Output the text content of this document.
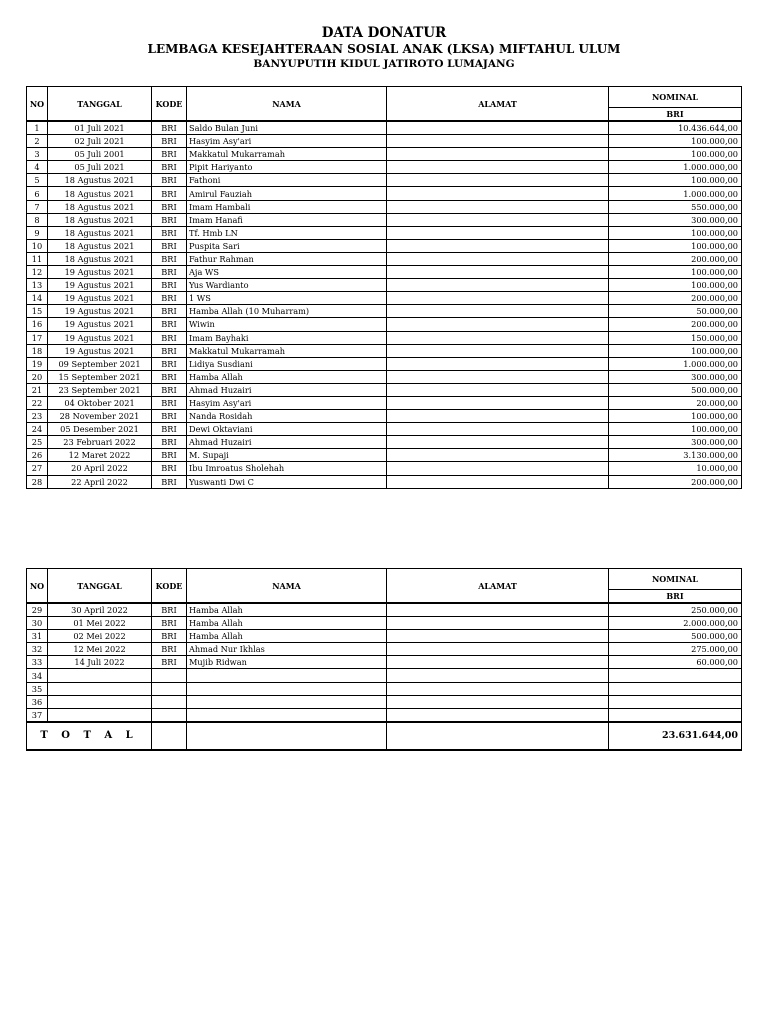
DATA DONATUR
LEMBAGA KESEJAHTERAAN SOSIAL ANAK (LKSA) MIFTAHUL ULUM
BANYUPUTIH KIDUL JATIROTO LUMAJANG
NO	TANGGAL	KODE	NAMA	ALAMAT	NOMINAL
					BRI
1	01 Juli 2021	BRI	Saldo Bulan Juni		10.436.644,00
2	02 Juli 2021	BRI	Hasyim Asy'ari		100.000,00
3	05 Juli 2001	BRI	Makkatul Mukarramah		100.000,00
4	05 Juli 2021	BRI	Pipit Hariyanto		1.000.000,00
5	18 Agustus 2021	BRI	Fathoni		100.000,00
6	18 Agustus 2021	BRI	Amirul Fauziah		1.000.000,00
7	18 Agustus 2021	BRI	Imam Hambali		550.000,00
8	18 Agustus 2021	BRI	Imam Hanafi		300.000,00
9	18 Agustus 2021	BRI	Tf. Hmb LN		100.000,00
10	18 Agustus 2021	BRI	Puspita Sari		100.000,00
11	18 Agustus 2021	BRI	Fathur Rahman		200.000,00
12	19 Agustus 2021	BRI	Aja WS		100.000,00
13	19 Agustus 2021	BRI	Yus Wardianto		100.000,00
14	19 Agustus 2021	BRI	1 WS		200.000,00
15	19 Agustus 2021	BRI	Hamba Allah (10 Muharram)		50.000,00
16	19 Agustus 2021	BRI	Wiwin		200.000,00
17	19 Agustus 2021	BRI	Imam Bayhaki		150.000,00
18	19 Agustus 2021	BRI	Makkatul Mukarramah		100.000,00
19	09 September 2021	BRI	Lidiya Susdiani		1.000.000,00
20	15 September 2021	BRI	Hamba Allah		300.000,00
21	23 September 2021	BRI	Ahmad Huzairi		500.000,00
22	04 Oktober 2021	BRI	Hasyim Asy'ari		20.000,00
23	28 November 2021	BRI	Nanda Rosidah		100.000,00
24	05 Desember 2021	BRI	Dewi Oktaviani		100.000,00
25	23 Februari 2022	BRI	Ahmad Huzairi		300.000,00
26	12 Maret 2022	BRI	M. Supaji		3.130.000,00
27	20 April 2022	BRI	Ibu Imroatus Sholehah		10.000,00
28	22 April 2022	BRI	Yuswanti Dwi C		200.000,00
NO	TANGGAL	KODE	NAMA	ALAMAT	NOMINAL
					BRI
29	30 April 2022	BRI	Hamba Allah		250.000,00
30	01 Mei 2022	BRI	Hamba Allah		2.000.000,00
31	02 Mei 2022	BRI	Hamba Allah		500.000,00
32	12 Mei 2022	BRI	Ahmad Nur Ikhlas		275.000,00
33	14 Juli 2022	BRI	Mujib Ridwan		60.000,00
34					
35					
36					
37					
T O T A L					23.631.644,00
